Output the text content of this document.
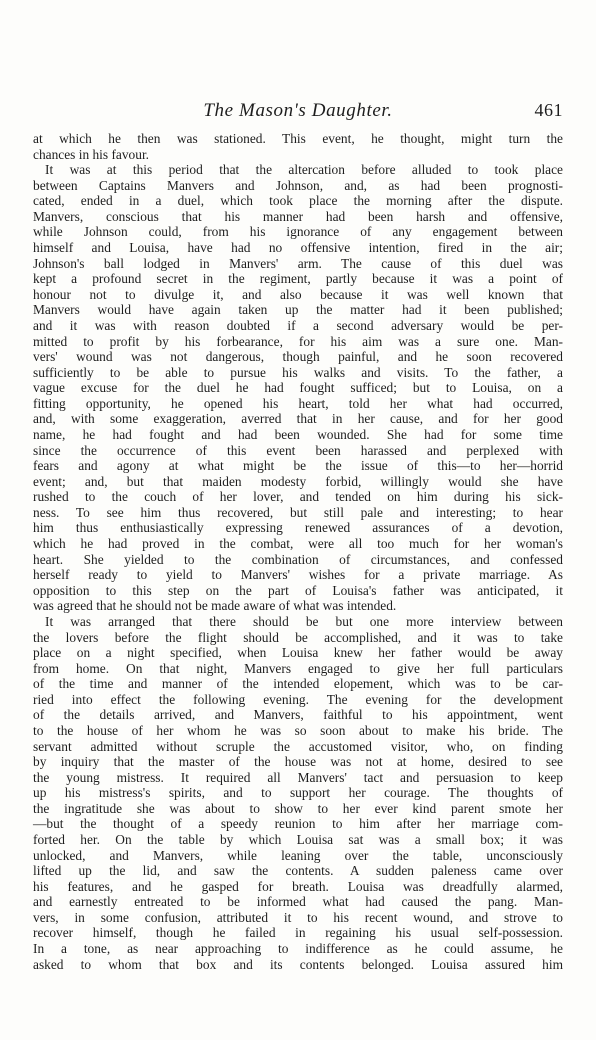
The Mason's Daughter.	461
at which he then was stationed. This event, he thought, might turn the
chances in his favour.
It was at this period that the altercation before alluded to took place
between Captains Manvers and Johnson, and, as had been prognosti-
cated, ended in a duel, which took place the morning after the dispute.
Manvers, conscious that his manner had been harsh and offensive,
while Johnson could, from his ignorance of any engagement between
himself and Louisa, have had no offensive intention, fired in the air;
Johnson's ball lodged in Manvers' arm. The cause of this duel was
kept a profound secret in the regiment, partly because it was a point of
honour not to divulge it, and also because it was well known that
Manvers would have again taken up the matter had it been published;
and it was with reason doubted if a second adversary would be per-
mitted to profit by his forbearance, for his aim was a sure one. Man-
vers' wound was not dangerous, though painful, and he soon recovered
sufficiently to be able to pursue his walks and visits. To the father, a
vague excuse for the duel he had fought sufficed; but to Louisa, on a
fitting opportunity, he opened his heart, told her what had occurred,
and, with some exaggeration, averred that in her cause, and for her good
name, he had fought and had been wounded. She had for some time
since the occurrence of this event been harassed and perplexed with
fears and agony at what might be the issue of this—to her—horrid
event; and, but that maiden modesty forbid, willingly would she have
rushed to the couch of her lover, and tended on him during his sick-
ness. To see him thus recovered, but still pale and interesting; to hear
him thus enthusiastically expressing renewed assurances of a devotion,
which he had proved in the combat, were all too much for her woman's
heart. She yielded to the combination of circumstances, and confessed
herself ready to yield to Manvers' wishes for a private marriage. As
opposition to this step on the part of Louisa's father was anticipated, it
was agreed that he should not be made aware of what was intended.
It was arranged that there should be but one more interview between
the lovers before the flight should be accomplished, and it was to take
place on a night specified, when Louisa knew her father would be away
from home. On that night, Manvers engaged to give her full particulars
of the time and manner of the intended elopement, which was to be car-
ried into effect the following evening. The evening for the development
of the details arrived, and Manvers, faithful to his appointment, went
to the house of her whom he was so soon about to make his bride. The
servant admitted without scruple the accustomed visitor, who, on finding
by inquiry that the master of the house was not at home, desired to see
the young mistress. It required all Manvers' tact and persuasion to keep
up his mistress's spirits, and to support her courage. The thoughts of
the ingratitude she was about to show to her ever kind parent smote her
—but the thought of a speedy reunion to him after her marriage com-
forted her. On the table by which Louisa sat was a small box; it was
unlocked, and Manvers, while leaning over the table, unconsciously
lifted up the lid, and saw the contents. A sudden paleness came over
his features, and he gasped for breath. Louisa was dreadfully alarmed,
and earnestly entreated to be informed what had caused the pang. Man-
vers, in some confusion, attributed it to his recent wound, and strove to
recover himself, though he failed in regaining his usual self-possession.
In a tone, as near approaching to indifference as he could assume, he
asked to whom that box and its contents belonged. Louisa assured him
